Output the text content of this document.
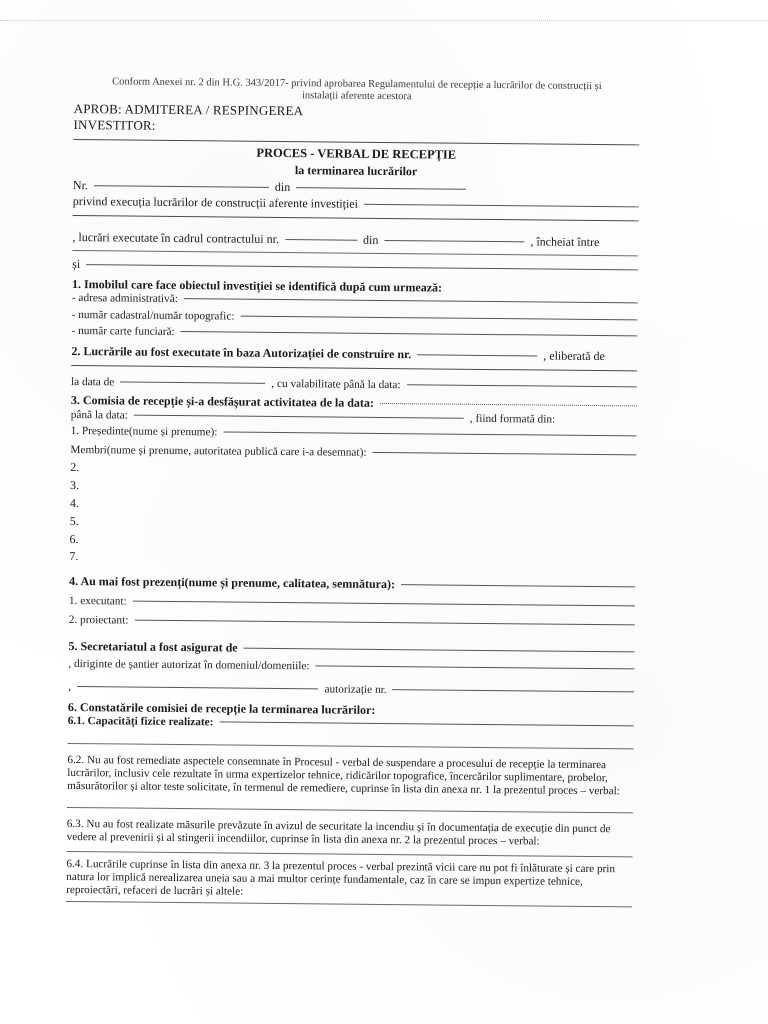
Conform Anexei nr. 2 din H.G. 343/2017- privind aprobarea Regulamentului de recepție a lucrărilor de construcții și
instalații aferente acestora
APROB: ADMITEREA / RESPINGEREA
INVESTITOR:
PROCES - VERBAL DE RECEPȚIE
la terminarea lucrărilor
Nr.	din
privind execuția lucrărilor de construcții aferente investiției
, lucrări executate în cadrul contractului nr.	din	, încheiat între
și
1. Imobilul care face obiectul investiției se identifică după cum urmează:
- adresa administrativă:
- număr cadastral/număr topografic:
- număr carte funciară:
2. Lucrările au fost executate în baza Autorizației de construire nr.	, eliberată de
la data de	, cu valabilitate până la data:
3. Comisia de recepție și-a desfășurat activitatea de la data:
până la data:	, fiind formată din:
1. Președinte(nume și prenume):
Membri(nume și prenume, autoritatea publică care i-a desemnat):
2.
3.
4.
5.
6.
7.
4. Au mai fost prezenți(nume și prenume, calitatea, semnătura):
1. executant:
2. proiectant:
5. Secretariatul a fost asigurat de
, diriginte de șantier autorizat în domeniul/domeniile:
,	autorizație nr.
6. Constatările comisiei de recepție la terminarea lucrărilor:
6.1. Capacități fizice realizate:
6.2. Nu au fost remediate aspectele consemnate în Procesul - verbal de suspendare a procesului de recepție la terminarea lucrărilor, inclusiv cele rezultate în urma expertizelor tehnice, ridicărilor topografice, încercărilor suplimentare, probelor, măsurătorilor și altor teste solicitate, în termenul de remediere, cuprinse în lista din anexa nr. 1 la prezentul proces – verbal:
6.3. Nu au fost realizate măsurile prevăzute în avizul de securitate la incendiu și în documentația de execuție din punct de vedere al prevenirii și al stingerii incendiilor, cuprinse în lista din anexa nr. 2 la prezentul proces – verbal:
6.4. Lucrările cuprinse în lista din anexa nr. 3 la prezentul proces - verbal prezintă vicii care nu pot fi înlăturate și care prin natura lor implică nerealizarea uneia sau a mai multor cerințe fundamentale, caz în care se impun expertize tehnice, reproiectări, refaceri de lucrări și altele:
